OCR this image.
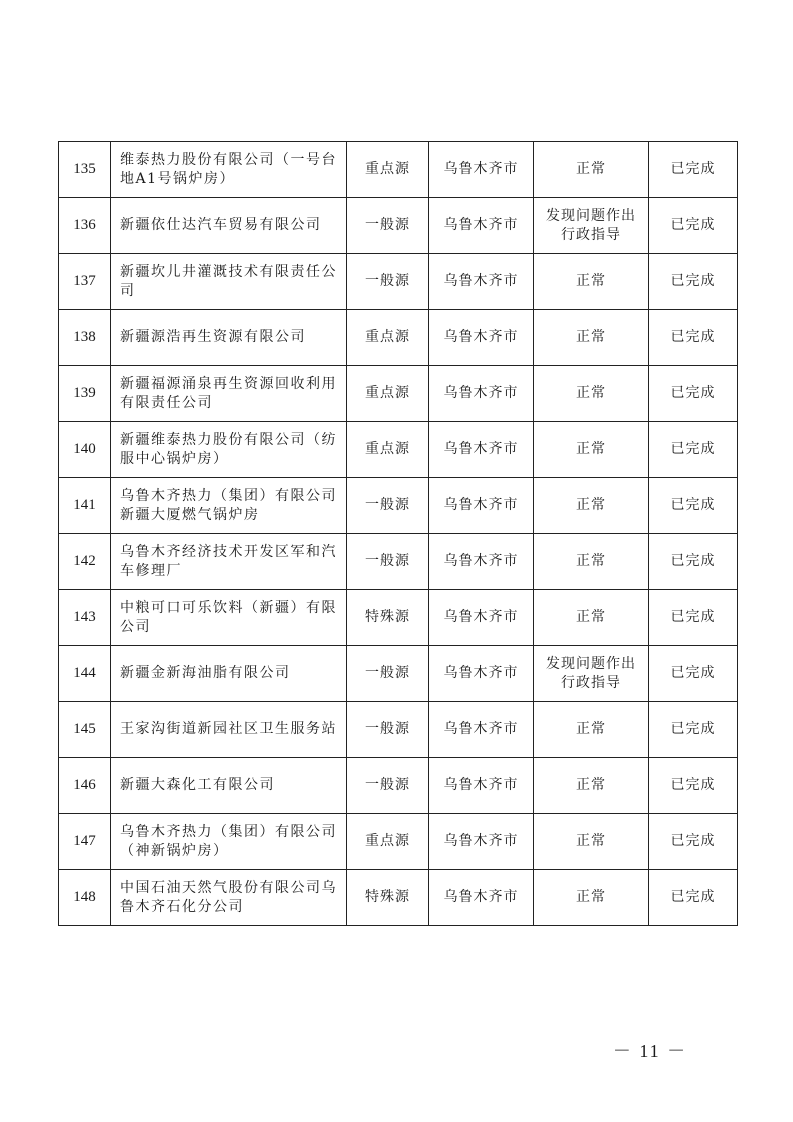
135	维泰热力股份有限公司（一号台地A1号锅炉房）	重点源	乌鲁木齐市	正常	已完成
136	新疆依仕达汽车贸易有限公司	一般源	乌鲁木齐市	发现问题作出行政指导	已完成
137	新疆坎儿井灌溉技术有限责任公司	一般源	乌鲁木齐市	正常	已完成
138	新疆源浩再生资源有限公司	重点源	乌鲁木齐市	正常	已完成
139	新疆福源涌泉再生资源回收利用有限责任公司	重点源	乌鲁木齐市	正常	已完成
140	新疆维泰热力股份有限公司（纺服中心锅炉房）	重点源	乌鲁木齐市	正常	已完成
141	乌鲁木齐热力（集团）有限公司新疆大厦燃气锅炉房	一般源	乌鲁木齐市	正常	已完成
142	乌鲁木齐经济技术开发区军和汽车修理厂	一般源	乌鲁木齐市	正常	已完成
143	中粮可口可乐饮料（新疆）有限公司	特殊源	乌鲁木齐市	正常	已完成
144	新疆金新海油脂有限公司	一般源	乌鲁木齐市	发现问题作出行政指导	已完成
145	王家沟街道新园社区卫生服务站	一般源	乌鲁木齐市	正常	已完成
146	新疆大森化工有限公司	一般源	乌鲁木齐市	正常	已完成
147	乌鲁木齐热力（集团）有限公司（神新锅炉房）	重点源	乌鲁木齐市	正常	已完成
148	中国石油天然气股份有限公司乌鲁木齐石化分公司	特殊源	乌鲁木齐市	正常	已完成
－ 11 －
